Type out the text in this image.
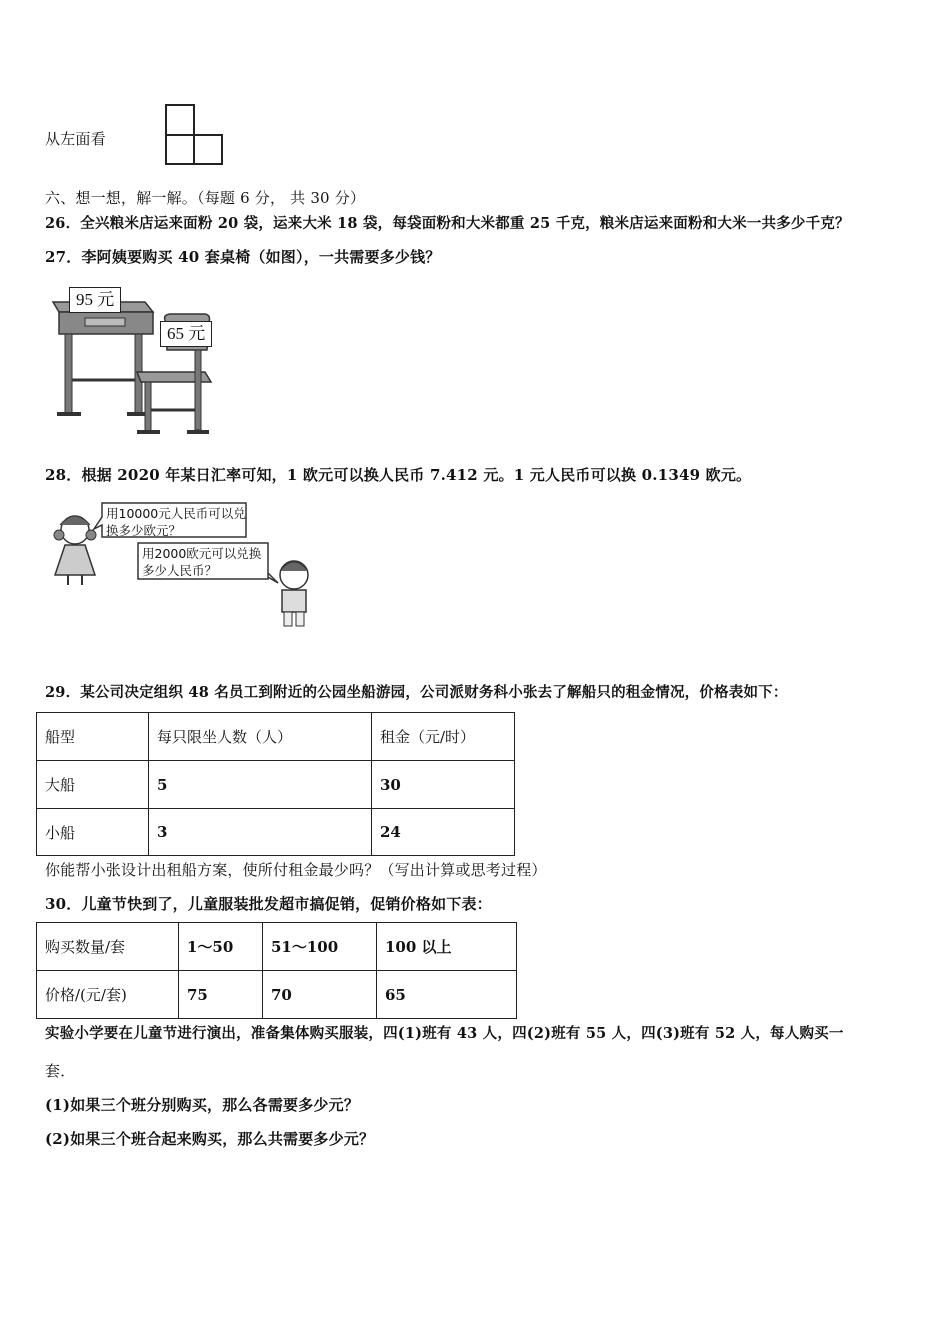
从左面看
六、想一想，解一解。（每题 6 分， 共 30 分）
26．全兴粮米店运来面粉 20 袋，运来大米 18 袋，每袋面粉和大米都重 25 千克，粮米店运来面粉和大米一共多少千克？
27．李阿姨要购买 40 套桌椅（如图），一共需要多少钱？
95 元
65 元
28．根据 2020 年某日汇率可知，1 欧元可以换人民币 7.412 元。1 元人民币可以换 0.1349 欧元。
用10000元人民币可以兑换多少欧元？
用2000欧元可以兑换多少人民币？
29．某公司决定组织 48 名员工到附近的公园坐船游园，公司派财务科小张去了解船只的租金情况，价格表如下：
船型	每只限坐人数（人）	租金（元/时）
大船	5	30
小船	3	24
你能帮小张设计出租船方案，使所付租金最少吗？（写出计算或思考过程）
30．儿童节快到了，儿童服装批发超市搞促销，促销价格如下表：
购买数量/套	1～50	51～100	100 以上
价格/(元/套)	75	70	65
实验小学要在儿童节进行演出，准备集体购买服装，四(1)班有 43 人，四(2)班有 55 人，四(3)班有 52 人，每人购买一
套．
(1)如果三个班分别购买，那么各需要多少元？
(2)如果三个班合起来购买，那么共需要多少元？
